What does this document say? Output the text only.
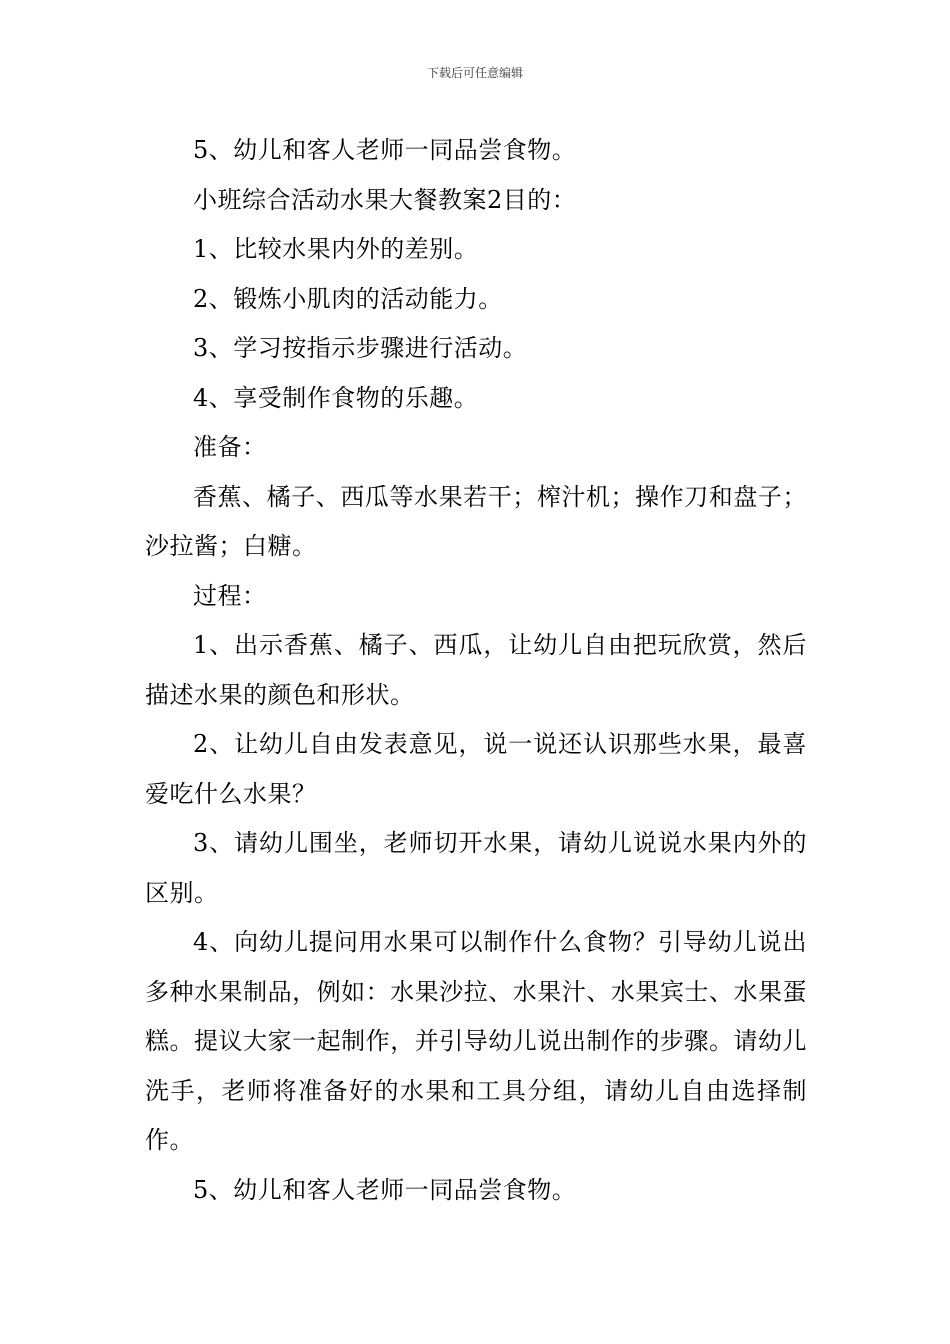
下载后可任意编辑

5、幼儿和客人老师一同品尝食物。

小班综合活动水果大餐教案2目的：

1、比较水果内外的差别。

2、锻炼小肌肉的活动能力。

3、学习按指示步骤进行活动。

4、享受制作食物的乐趣。

准备：

香蕉、橘子、西瓜等水果若干；榨汁机；操作刀和盘子；沙拉酱；白糖。

过程：

1、出示香蕉、橘子、西瓜，让幼儿自由把玩欣赏，然后描述水果的颜色和形状。

2、让幼儿自由发表意见，说一说还认识那些水果，最喜爱吃什么水果？

3、请幼儿围坐，老师切开水果，请幼儿说说水果内外的区别。

4、向幼儿提问用水果可以制作什么食物？引导幼儿说出多种水果制品，例如：水果沙拉、水果汁、水果宾士、水果蛋糕。提议大家一起制作，并引导幼儿说出制作的步骤。请幼儿洗手，老师将准备好的水果和工具分组，请幼儿自由选择制作。

5、幼儿和客人老师一同品尝食物。
